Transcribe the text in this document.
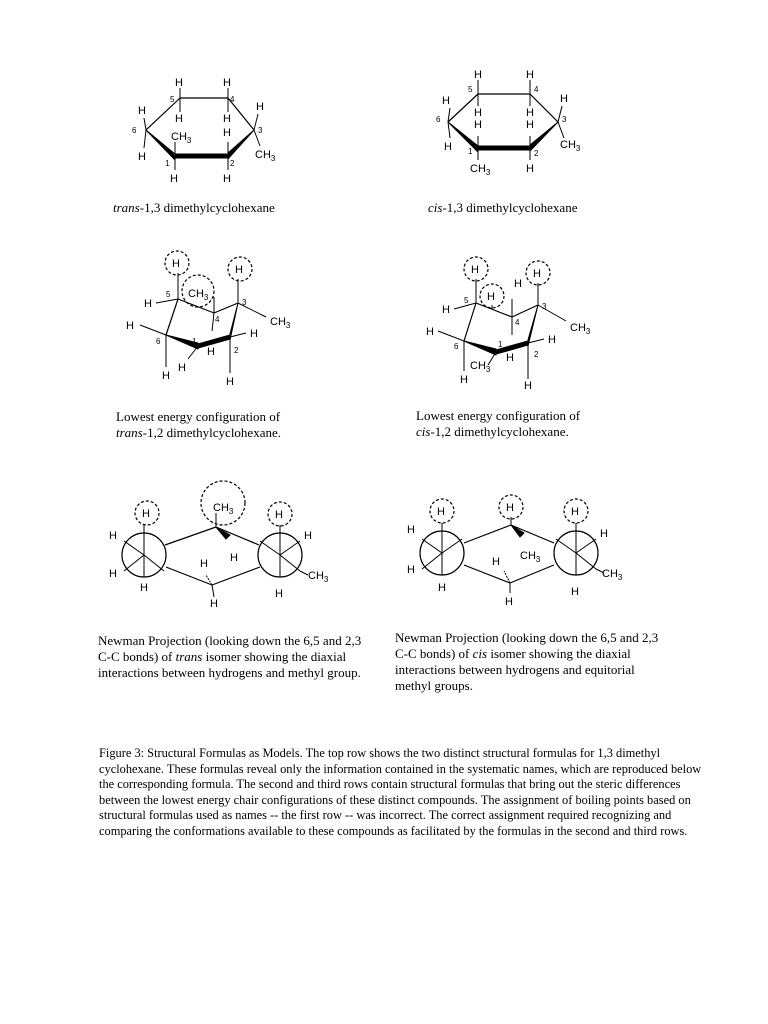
H	H
H	H
H
H
H
H	H
H
$CH_3$
$CH_3$
5	4
6	3
1	2

trans-1,3 dimethylcyclohexane

H	H
H	H
H
H
H
H	H
H
$CH_3$
$CH_3$
5	4
6	3
1	2

cis-1,3 dimethylcyclohexane

H
$CH_3$
H
H
H
H
H
H
H
H
$CH_3$
5
4
3
6	1
2

Lowest energy configuration of
trans-1,2 dimethylcyclohexane.

H
H
H
H
H
H
H
H
H
H
$CH_3$
$CH_3$
5
4
3
6	1
2

Lowest energy configuration of
cis-1,2 dimethylcyclohexane.

H	$CH_3$	H
H
H
H
H
H
H
H
H
$CH_3$

Newman Projection (looking down the 6,5 and 2,3 C-C bonds) of trans isomer showing the diaxial interactions between hydrogens and methyl group.

H	H	H
H
H
H
H $CH_3$
H
H
H
$CH_3$

Newman Projection (looking down the 6,5 and 2,3 C-C bonds) of cis isomer showing the diaxial interactions between hydrogens and equitorial methyl groups.

Figure 3: Structural Formulas as Models. The top row shows the two distinct structural formulas for 1,3 dimethyl cyclohexane. These formulas reveal only the information contained in the systematic names, which are reproduced below the corresponding formula. The second and third rows contain structural formulas that bring out the steric differences between the lowest energy chair configurations of these distinct compounds. The assignment of boiling points based on structural formulas used as names -- the first row -- was incorrect. The correct assignment required recognizing and comparing the conformations available to these compounds as facilitated by the formulas in the second and third rows.
